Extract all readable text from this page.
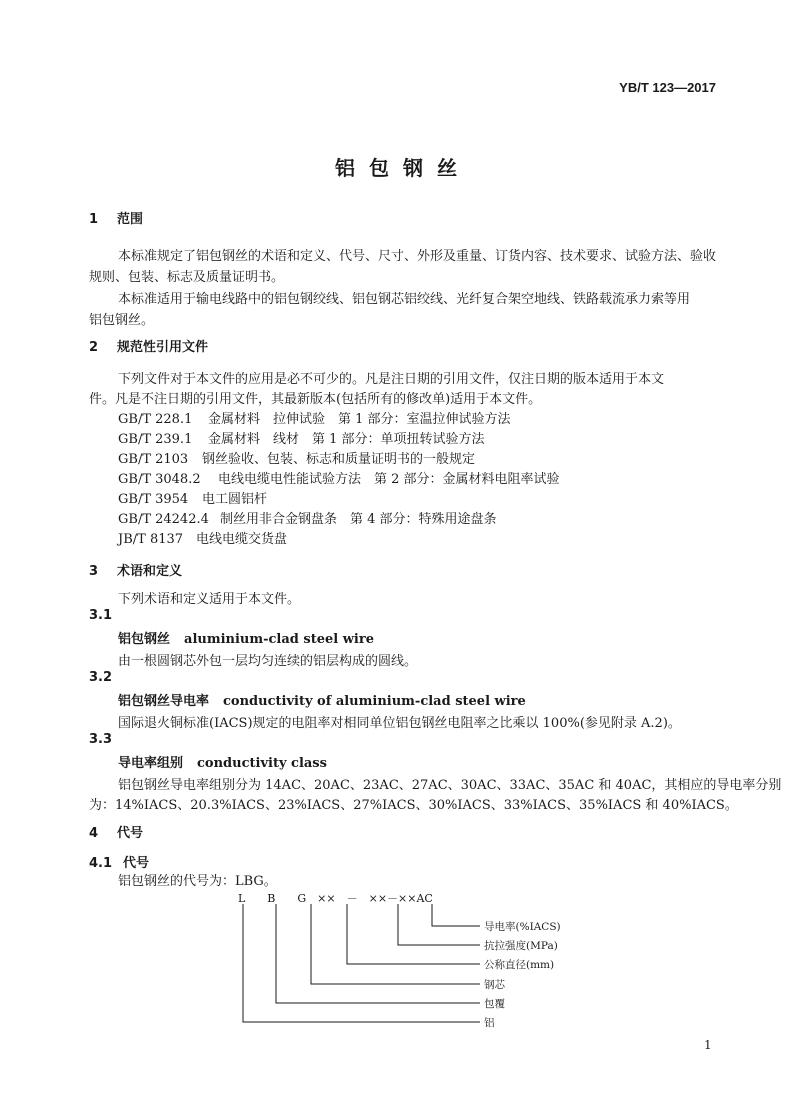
YB/T 123—2017
铝包钢丝
1 范围
本标准规定了铝包钢丝的术语和定义、代号、尺寸、外形及重量、订货内容、技术要求、试验方法、验收
规则、包装、标志及质量证明书。
本标准适用于输电线路中的铝包钢绞线、铝包钢芯铝绞线、光纤复合架空地线、铁路载流承力索等用
铝包钢丝。
2 规范性引用文件
下列文件对于本文件的应用是必不可少的。凡是注日期的引用文件，仅注日期的版本适用于本文
件。凡是不注日期的引用文件，其最新版本(包括所有的修改单)适用于本文件。
GB/T 228.1 金属材料　拉伸试验　第 1 部分：室温拉伸试验方法
GB/T 239.1 金属材料　线材　第 1 部分：单项扭转试验方法
GB/T 2103 钢丝验收、包装、标志和质量证明书的一般规定
GB/T 3048.2 电线电缆电性能试验方法　第 2 部分：金属材料电阻率试验
GB/T 3954 电工圆铝杆
GB/T 24242.4 制丝用非合金钢盘条　第 4 部分：特殊用途盘条
JB/T 8137 电线电缆交货盘
3 术语和定义
下列术语和定义适用于本文件。
3.1
铝包钢丝 aluminium-clad steel wire
由一根圆钢芯外包一层均匀连续的铝层构成的圆线。
3.2
铝包钢丝导电率 conductivity of aluminium-clad steel wire
国际退火铜标准(IACS)规定的电阻率对相同单位铝包钢丝电阻率之比乘以 100%(参见附录 A.2)。
3.3
导电率组别 conductivity class
铝包钢丝导电率组别分为 14AC、20AC、23AC、27AC、30AC、33AC、35AC 和 40AC，其相应的导电率分别
为：14%IACS、20.3%IACS、23%IACS、27%IACS、30%IACS、33%IACS、35%IACS 和 40%IACS。
4 代号
4.1 代号
铝包钢丝的代号为：LBG。
L　　B　　G　××　－　××－××AC
导电率(%IACS)
抗拉强度(MPa)
公称直径(mm)
钢芯
包覆
铝
1
